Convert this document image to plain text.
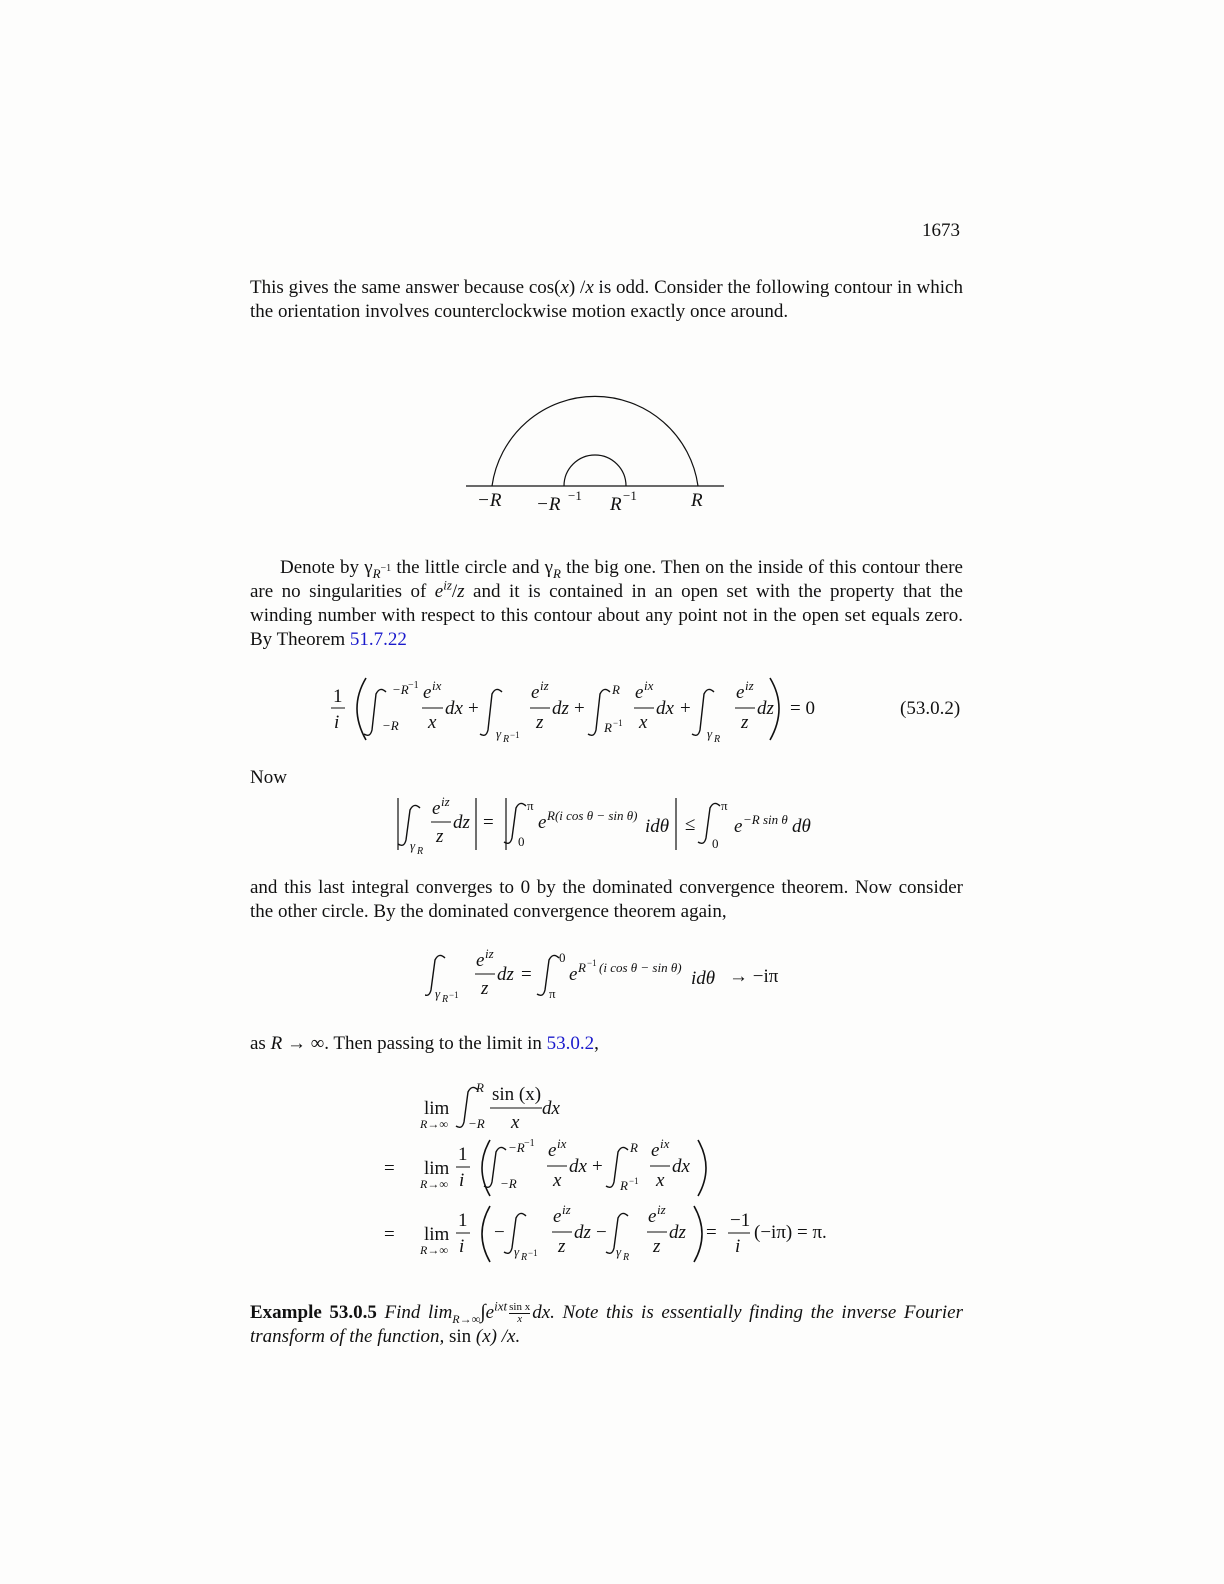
1673
This gives the same answer because cos(x) /x is odd. Consider the following contour in which the orientation involves counterclockwise motion exactly once around.
−R −R −1 R −1	R
Denote by $\gamma_R^{-1}$ the little circle and $\gamma_R$ the big one. Then on the inside of this contour there are no singularities of $e^{iz}/z$ and it is contained in an open set with the property that the winding number with respect to this contour about any point not in the open set equals zero. By Theorem 51.7.22
1
i
−R −1
−R
e ix
x
dx +
γ R −1
e iz
z
dz +
R
R −1
e ix
x
dx +
γ R
e iz
z
dz = 0	(53.0.2)
Now
γ R
e iz
z
dz =
π
0
e R(i cos θ − sin θ)
idθ ≤
π
0
e −R sin θ dθ
and this last integral converges to 0 by the dominated convergence theorem. Now consider the other circle. By the dominated convergence theorem again,
γ R −1
e iz
z
dz =
0
π
e R −1 (i cos θ − sin θ)
idθ → −iπ
as R → ∞. Then passing to the limit in 53.0.2,
lim
R→∞
R
−R
sin (x)
x
dx
= lim
R→∞
1
i
−R −1
−R
e ix
x
dx +
R
R −1
e ix
x
dx
= lim
R→∞
1
i
−
γ R −1
e iz
z
dz −
γ R
e iz
z
dz =
−1
i
(−iπ) = π.
Example 53.0.5 Find $\lim_{R\to\infty}\int e^{ixt} \frac{\text{sin x}}{x}$ dx. Note this is essentially finding the inverse Fourier transform of the function, sin (x) /x.
